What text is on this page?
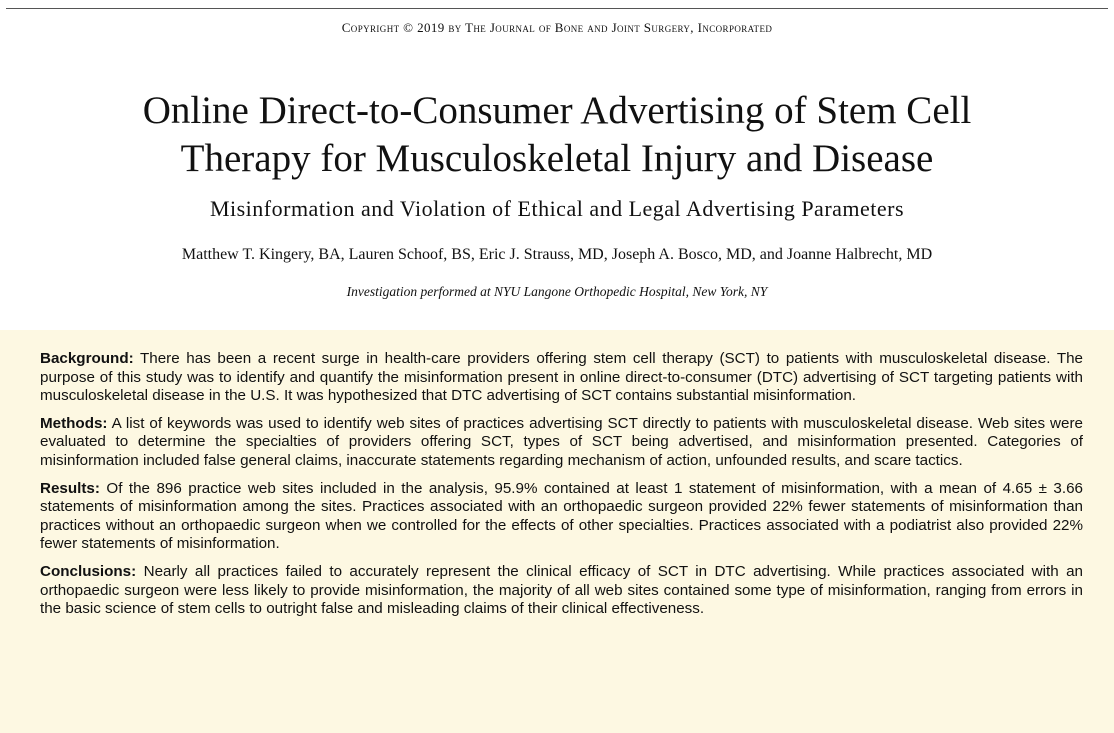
Copyright © 2019 by The Journal of Bone and Joint Surgery, Incorporated
Online Direct-to-Consumer Advertising of Stem Cell
Therapy for Musculoskeletal Injury and Disease
Misinformation and Violation of Ethical and Legal Advertising Parameters
Matthew T. Kingery, BA, Lauren Schoof, BS, Eric J. Strauss, MD, Joseph A. Bosco, MD, and Joanne Halbrecht, MD
Investigation performed at NYU Langone Orthopedic Hospital, New York, NY

Background: There has been a recent surge in health-care providers offering stem cell therapy (SCT) to patients with musculoskeletal disease. The purpose of this study was to identify and quantify the misinformation present in online direct-to-consumer (DTC) advertising of SCT targeting patients with musculoskeletal disease in the U.S. It was hypothesized that DTC advertising of SCT contains substantial misinformation.

Methods: A list of keywords was used to identify web sites of practices advertising SCT directly to patients with musculoskeletal disease. Web sites were evaluated to determine the specialties of providers offering SCT, types of SCT being advertised, and misinformation presented. Categories of misinformation included false general claims, inaccurate statements regarding mechanism of action, unfounded results, and scare tactics.

Results: Of the 896 practice web sites included in the analysis, 95.9% contained at least 1 statement of misinformation, with a mean of 4.65 ± 3.66 statements of misinformation among the sites. Practices associated with an orthopaedic surgeon provided 22% fewer statements of misinformation than practices without an orthopaedic surgeon when we controlled for the effects of other specialties. Practices associated with a podiatrist also provided 22% fewer statements of misinformation.

Conclusions: Nearly all practices failed to accurately represent the clinical efficacy of SCT in DTC advertising. While practices associated with an orthopaedic surgeon were less likely to provide misinformation, the majority of all web sites contained some type of misinformation, ranging from errors in the basic science of stem cells to outright false and misleading claims of their clinical effectiveness.
